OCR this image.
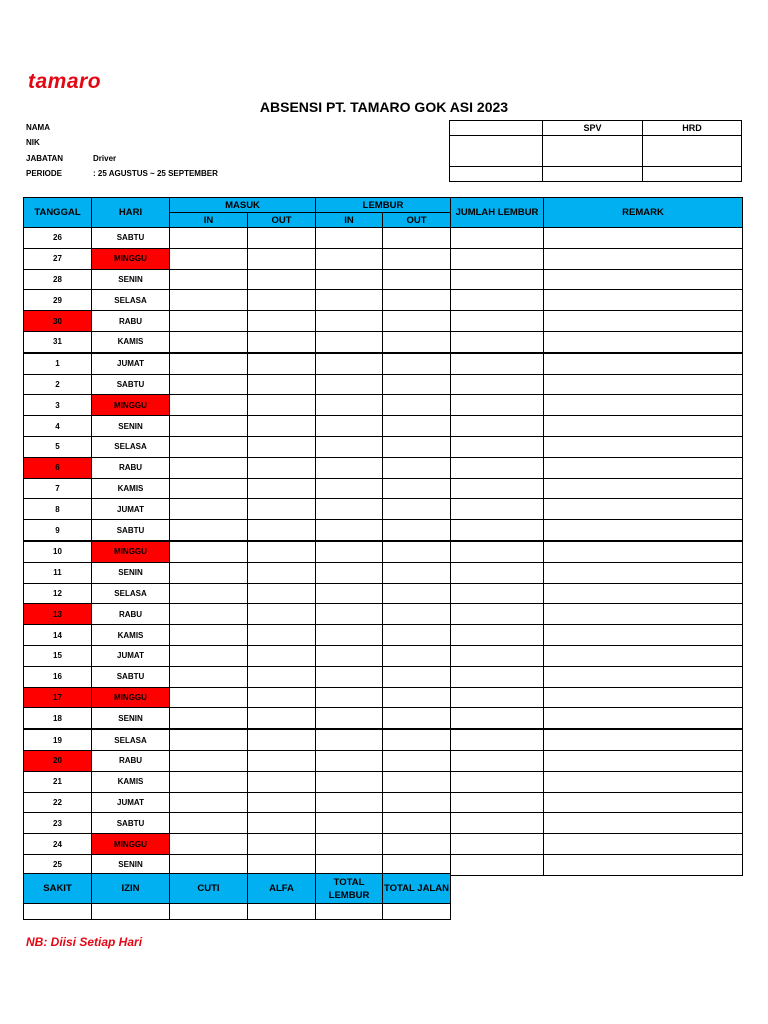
tamaro
ABSENSI PT. TAMARO GOK ASI 2023
NAMA
NIK
JABATAN	Driver
PERIODE	: 25 AGUSTUS ~ 25 SEPTEMBER
	SPV	HRD

TANGGAL	HARI	MASUK		LEMBUR		JUMLAH LEMBUR	REMARK
		IN	OUT	IN	OUT		
26	SABTU						
27	MINGGU						
28	SENIN						
29	SELASA						
30	RABU						
31	KAMIS						
1	JUMAT						
2	SABTU						
3	MINGGU						
4	SENIN						
5	SELASA						
6	RABU						
7	KAMIS						
8	JUMAT						
9	SABTU						
10	MINGGU						
11	SENIN						
12	SELASA						
13	RABU						
14	KAMIS						
15	JUMAT						
16	SABTU						
17	MINGGU						
18	SENIN						
19	SELASA						
20	RABU						
21	KAMIS						
22	JUMAT						
23	SABTU						
24	MINGGU						
25	SENIN						
SAKIT	IZIN	CUTI	ALFA	TOTAL LEMBUR	TOTAL JALAN

NB: Diisi Setiap Hari
